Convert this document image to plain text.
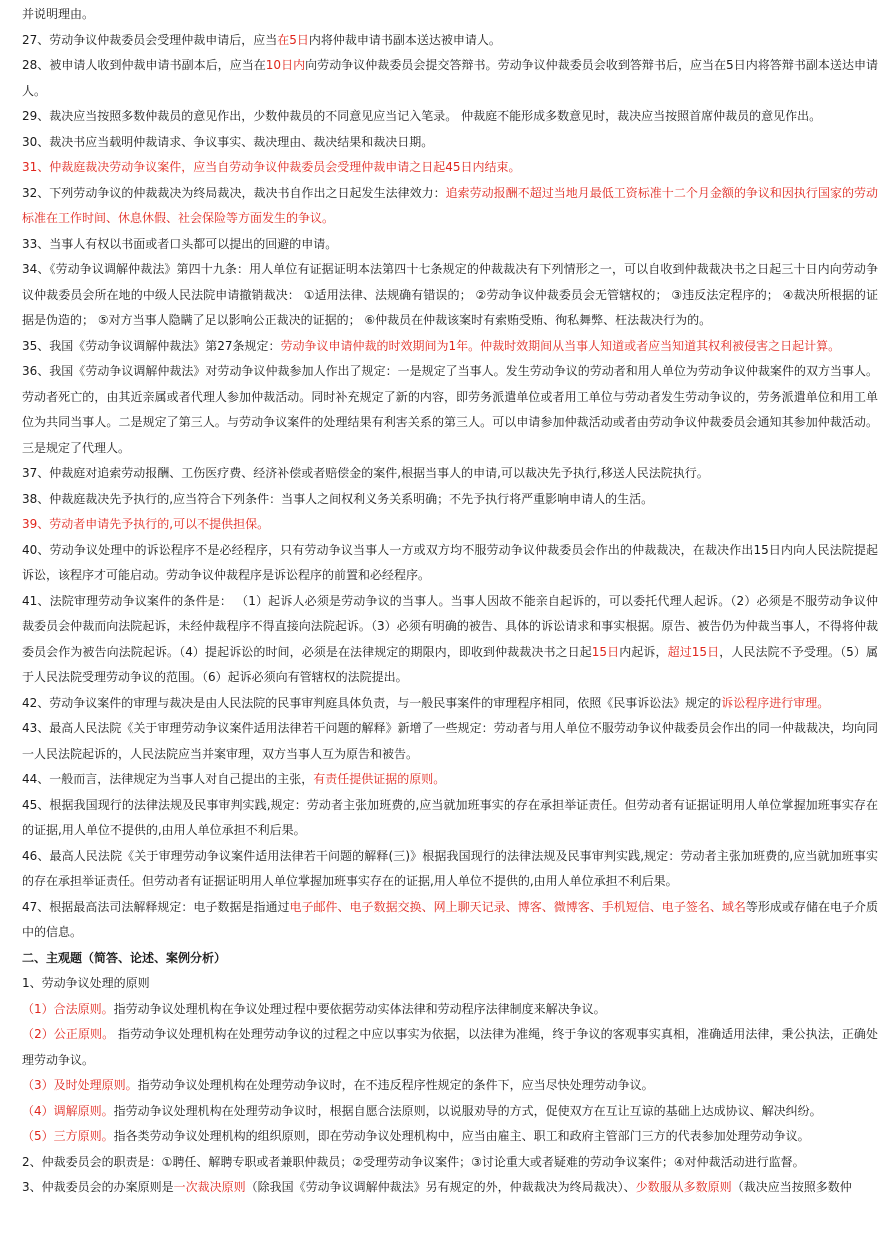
并说明理由。

27、劳动争议仲裁委员会受理仲裁申请后，应当在5日内将仲裁申请书副本送达被申请人。

28、被申请人收到仲裁申请书副本后，应当在10日内向劳动争议仲裁委员会提交答辩书。劳动争议仲裁委员会收到答辩书后，应当在5日内将答辩书副本送达申请人。

29、裁决应当按照多数仲裁员的意见作出，少数仲裁员的不同意见应当记入笔录。 仲裁庭不能形成多数意见时，裁决应当按照首席仲裁员的意见作出。

30、裁决书应当载明仲裁请求、争议事实、裁决理由、裁决结果和裁决日期。

31、仲裁庭裁决劳动争议案件，应当自劳动争议仲裁委员会受理仲裁申请之日起45日内结束。

32、下列劳动争议的仲裁裁决为终局裁决，裁决书自作出之日起发生法律效力：追索劳动报酬不超过当地月最低工资标准十二个月金额的争议和因执行国家的劳动标准在工作时间、休息休假、社会保险等方面发生的争议。

33、当事人有权以书面或者口头都可以提出的回避的申请。

34、《劳动争议调解仲裁法》第四十九条：用人单位有证据证明本法第四十七条规定的仲裁裁决有下列情形之一，可以自收到仲裁裁决书之日起三十日内向劳动争议仲裁委员会所在地的中级人民法院申请撤销裁决： ①适用法律、法规确有错误的； ②劳动争议仲裁委员会无管辖权的； ③违反法定程序的； ④裁决所根据的证据是伪造的； ⑤对方当事人隐瞒了足以影响公正裁决的证据的； ⑥仲裁员在仲裁该案时有索贿受贿、徇私舞弊、枉法裁决行为的。

35、我国《劳动争议调解仲裁法》第27条规定：劳动争议申请仲裁的时效期间为1年。仲裁时效期间从当事人知道或者应当知道其权利被侵害之日起计算。

36、我国《劳动争议调解仲裁法》对劳动争议仲裁参加人作出了规定：一是规定了当事人。发生劳动争议的劳动者和用人单位为劳动争议仲裁案件的双方当事人。劳动者死亡的，由其近亲属或者代理人参加仲裁活动。同时补充规定了新的内容，即劳务派遣单位或者用工单位与劳动者发生劳动争议的，劳务派遣单位和用工单位为共同当事人。二是规定了第三人。与劳动争议案件的处理结果有利害关系的第三人。可以申请参加仲裁活动或者由劳动争议仲裁委员会通知其参加仲裁活动。三是规定了代理人。

37、仲裁庭对追索劳动报酬、工伤医疗费、经济补偿或者赔偿金的案件,根据当事人的申请,可以裁决先予执行,移送人民法院执行。

38、仲裁庭裁决先予执行的,应当符合下列条件：当事人之间权利义务关系明确；不先予执行将严重影响申请人的生活。

39、劳动者申请先予执行的,可以不提供担保。

40、劳动争议处理中的诉讼程序不是必经程序，只有劳动争议当事人一方或双方均不服劳动争议仲裁委员会作出的仲裁裁决，在裁决作出15日内向人民法院提起诉讼，该程序才可能启动。劳动争议仲裁程序是诉讼程序的前置和必经程序。

41、法院审理劳动争议案件的条件是： （1）起诉人必须是劳动争议的当事人。当事人因故不能亲自起诉的，可以委托代理人起诉。（2）必须是不服劳动争议仲裁委员会仲裁而向法院起诉，未经仲裁程序不得直接向法院起诉。（3）必须有明确的被告、具体的诉讼请求和事实根据。原告、被告仍为仲裁当事人，不得将仲裁委员会作为被告向法院起诉。（4）提起诉讼的时间，必须是在法律规定的期限内，即收到仲裁裁决书之日起15日内起诉，超过15日，人民法院不予受理。（5）属于人民法院受理劳动争议的范围。（6）起诉必须向有管辖权的法院提出。

42、劳动争议案件的审理与裁决是由人民法院的民事审判庭具体负责，与一般民事案件的审理程序相同，依照《民事诉讼法》规定的诉讼程序进行审理。

43、最高人民法院《关于审理劳动争议案件适用法律若干问题的解释》新增了一些规定：劳动者与用人单位不服劳动争议仲裁委员会作出的同一仲裁裁决，均向同一人民法院起诉的，人民法院应当并案审理，双方当事人互为原告和被告。

44、一般而言，法律规定为当事人对自己提出的主张，有责任提供证据的原则。

45、根据我国现行的法律法规及民事审判实践,规定：劳动者主张加班费的,应当就加班事实的存在承担举证责任。但劳动者有证据证明用人单位掌握加班事实存在的证据,用人单位不提供的,由用人单位承担不利后果。

46、最高人民法院《关于审理劳动争议案件适用法律若干问题的解释(三)》根据我国现行的法律法规及民事审判实践,规定：劳动者主张加班费的,应当就加班事实的存在承担举证责任。但劳动者有证据证明用人单位掌握加班事实存在的证据,用人单位不提供的,由用人单位承担不利后果。

47、根据最高法司法解释规定：电子数据是指通过电子邮件、电子数据交换、网上聊天记录、博客、微博客、手机短信、电子签名、域名等形成或存储在电子介质中的信息。

二、主观题（简答、论述、案例分析）

1、劳动争议处理的原则

（1）合法原则。指劳动争议处理机构在争议处理过程中要依据劳动实体法律和劳动程序法律制度来解决争议。

（2）公正原则。 指劳动争议处理机构在处理劳动争议的过程之中应以事实为依据，以法律为准绳，终于争议的客观事实真相，准确适用法律，秉公执法，正确处理劳动争议。

（3）及时处理原则。指劳动争议处理机构在处理劳动争议时，在不违反程序性规定的条件下，应当尽快处理劳动争议。

（4）调解原则。指劳动争议处理机构在处理劳动争议时，根据自愿合法原则，以说服劝导的方式，促使双方在互让互谅的基础上达成协议、解决纠纷。

（5）三方原则。指各类劳动争议处理机构的组织原则，即在劳动争议处理机构中，应当由雇主、职工和政府主管部门三方的代表参加处理劳动争议。

2、仲裁委员会的职责是：①聘任、解聘专职或者兼职仲裁员；②受理劳动争议案件；③讨论重大或者疑难的劳动争议案件；④对仲裁活动进行监督。

3、仲裁委员会的办案原则是一次裁决原则（除我国《劳动争议调解仲裁法》另有规定的外，仲裁裁决为终局裁决）、少数服从多数原则（裁决应当按照多数仲
